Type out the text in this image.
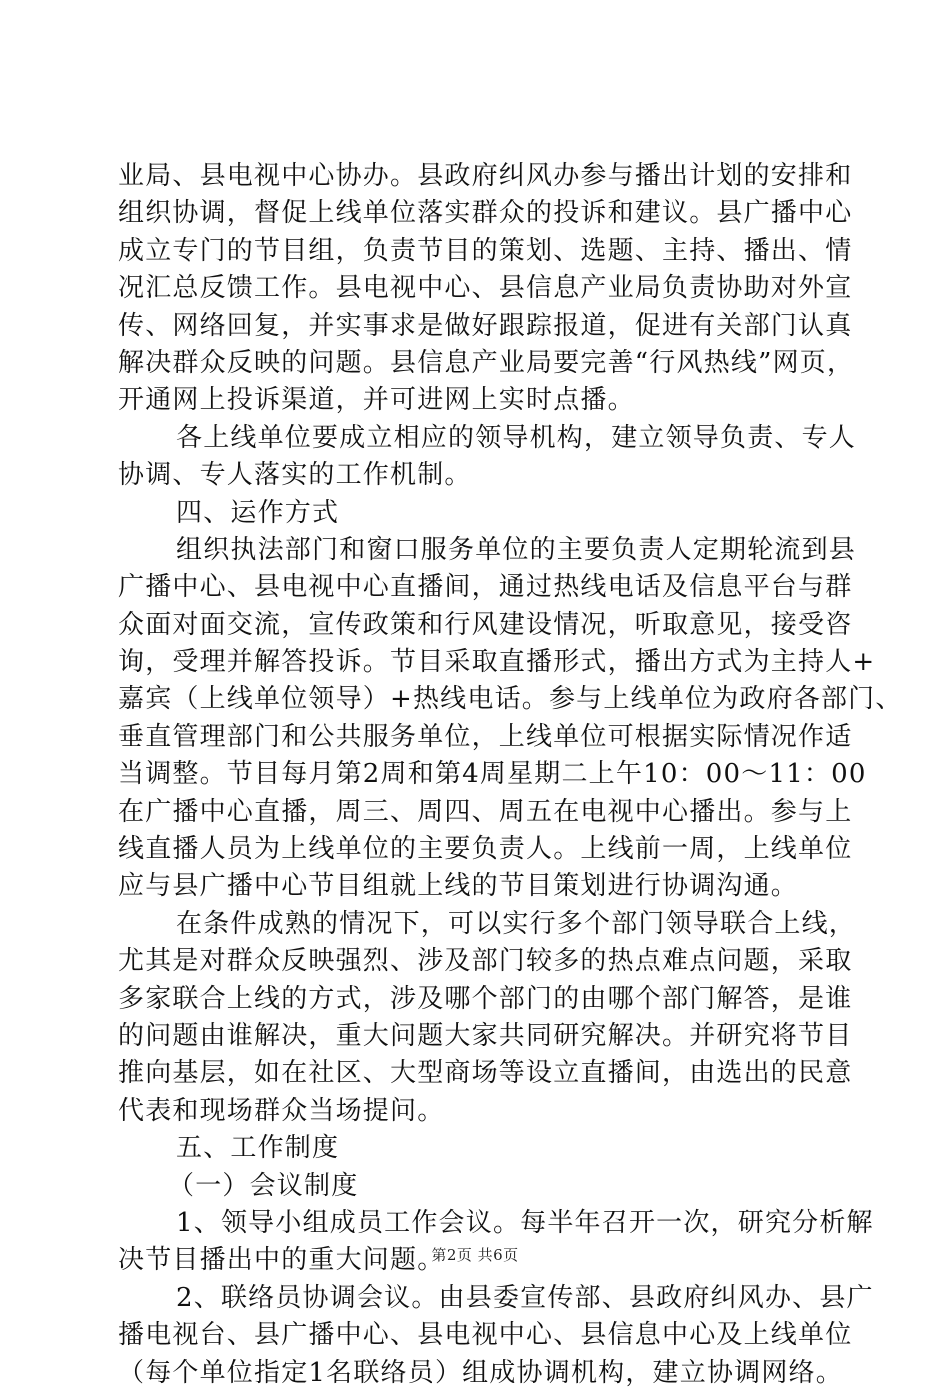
业局、县电视中心协办。县政府纠风办参与播出计划的安排和
组织协调，督促上线单位落实群众的投诉和建议。县广播中心
成立专门的节目组，负责节目的策划、选题、主持、播出、情
况汇总反馈工作。县电视中心、县信息产业局负责协助对外宣
传、网络回复，并实事求是做好跟踪报道，促进有关部门认真
解决群众反映的问题。县信息产业局要完善“行风热线”网页，
开通网上投诉渠道，并可进网上实时点播。
各上线单位要成立相应的领导机构，建立领导负责、专人
协调、专人落实的工作机制。
四、运作方式
组织执法部门和窗口服务单位的主要负责人定期轮流到县
广播中心、县电视中心直播间，通过热线电话及信息平台与群
众面对面交流，宣传政策和行风建设情况，听取意见，接受咨
询，受理并解答投诉。节目采取直播形式，播出方式为主持人+
嘉宾（上线单位领导）+热线电话。参与上线单位为政府各部门、
垂直管理部门和公共服务单位，上线单位可根据实际情况作适
当调整。节目每月第2周和第4周星期二上午10：00～11：00
在广播中心直播，周三、周四、周五在电视中心播出。参与上
线直播人员为上线单位的主要负责人。上线前一周，上线单位
应与县广播中心节目组就上线的节目策划进行协调沟通。
在条件成熟的情况下，可以实行多个部门领导联合上线，
尤其是对群众反映强烈、涉及部门较多的热点难点问题，采取
多家联合上线的方式，涉及哪个部门的由哪个部门解答，是谁
的问题由谁解决，重大问题大家共同研究解决。并研究将节目
推向基层，如在社区、大型商场等设立直播间，由选出的民意
代表和现场群众当场提问。
五、工作制度
（一）会议制度
1、领导小组成员工作会议。每半年召开一次，研究分析解
决节目播出中的重大问题。
2、联络员协调会议。由县委宣传部、县政府纠风办、县广
播电视台、县广播中心、县电视中心、县信息中心及上线单位
（每个单位指定1名联络员）组成协调机构，建立协调网络。
第2页 共6页
